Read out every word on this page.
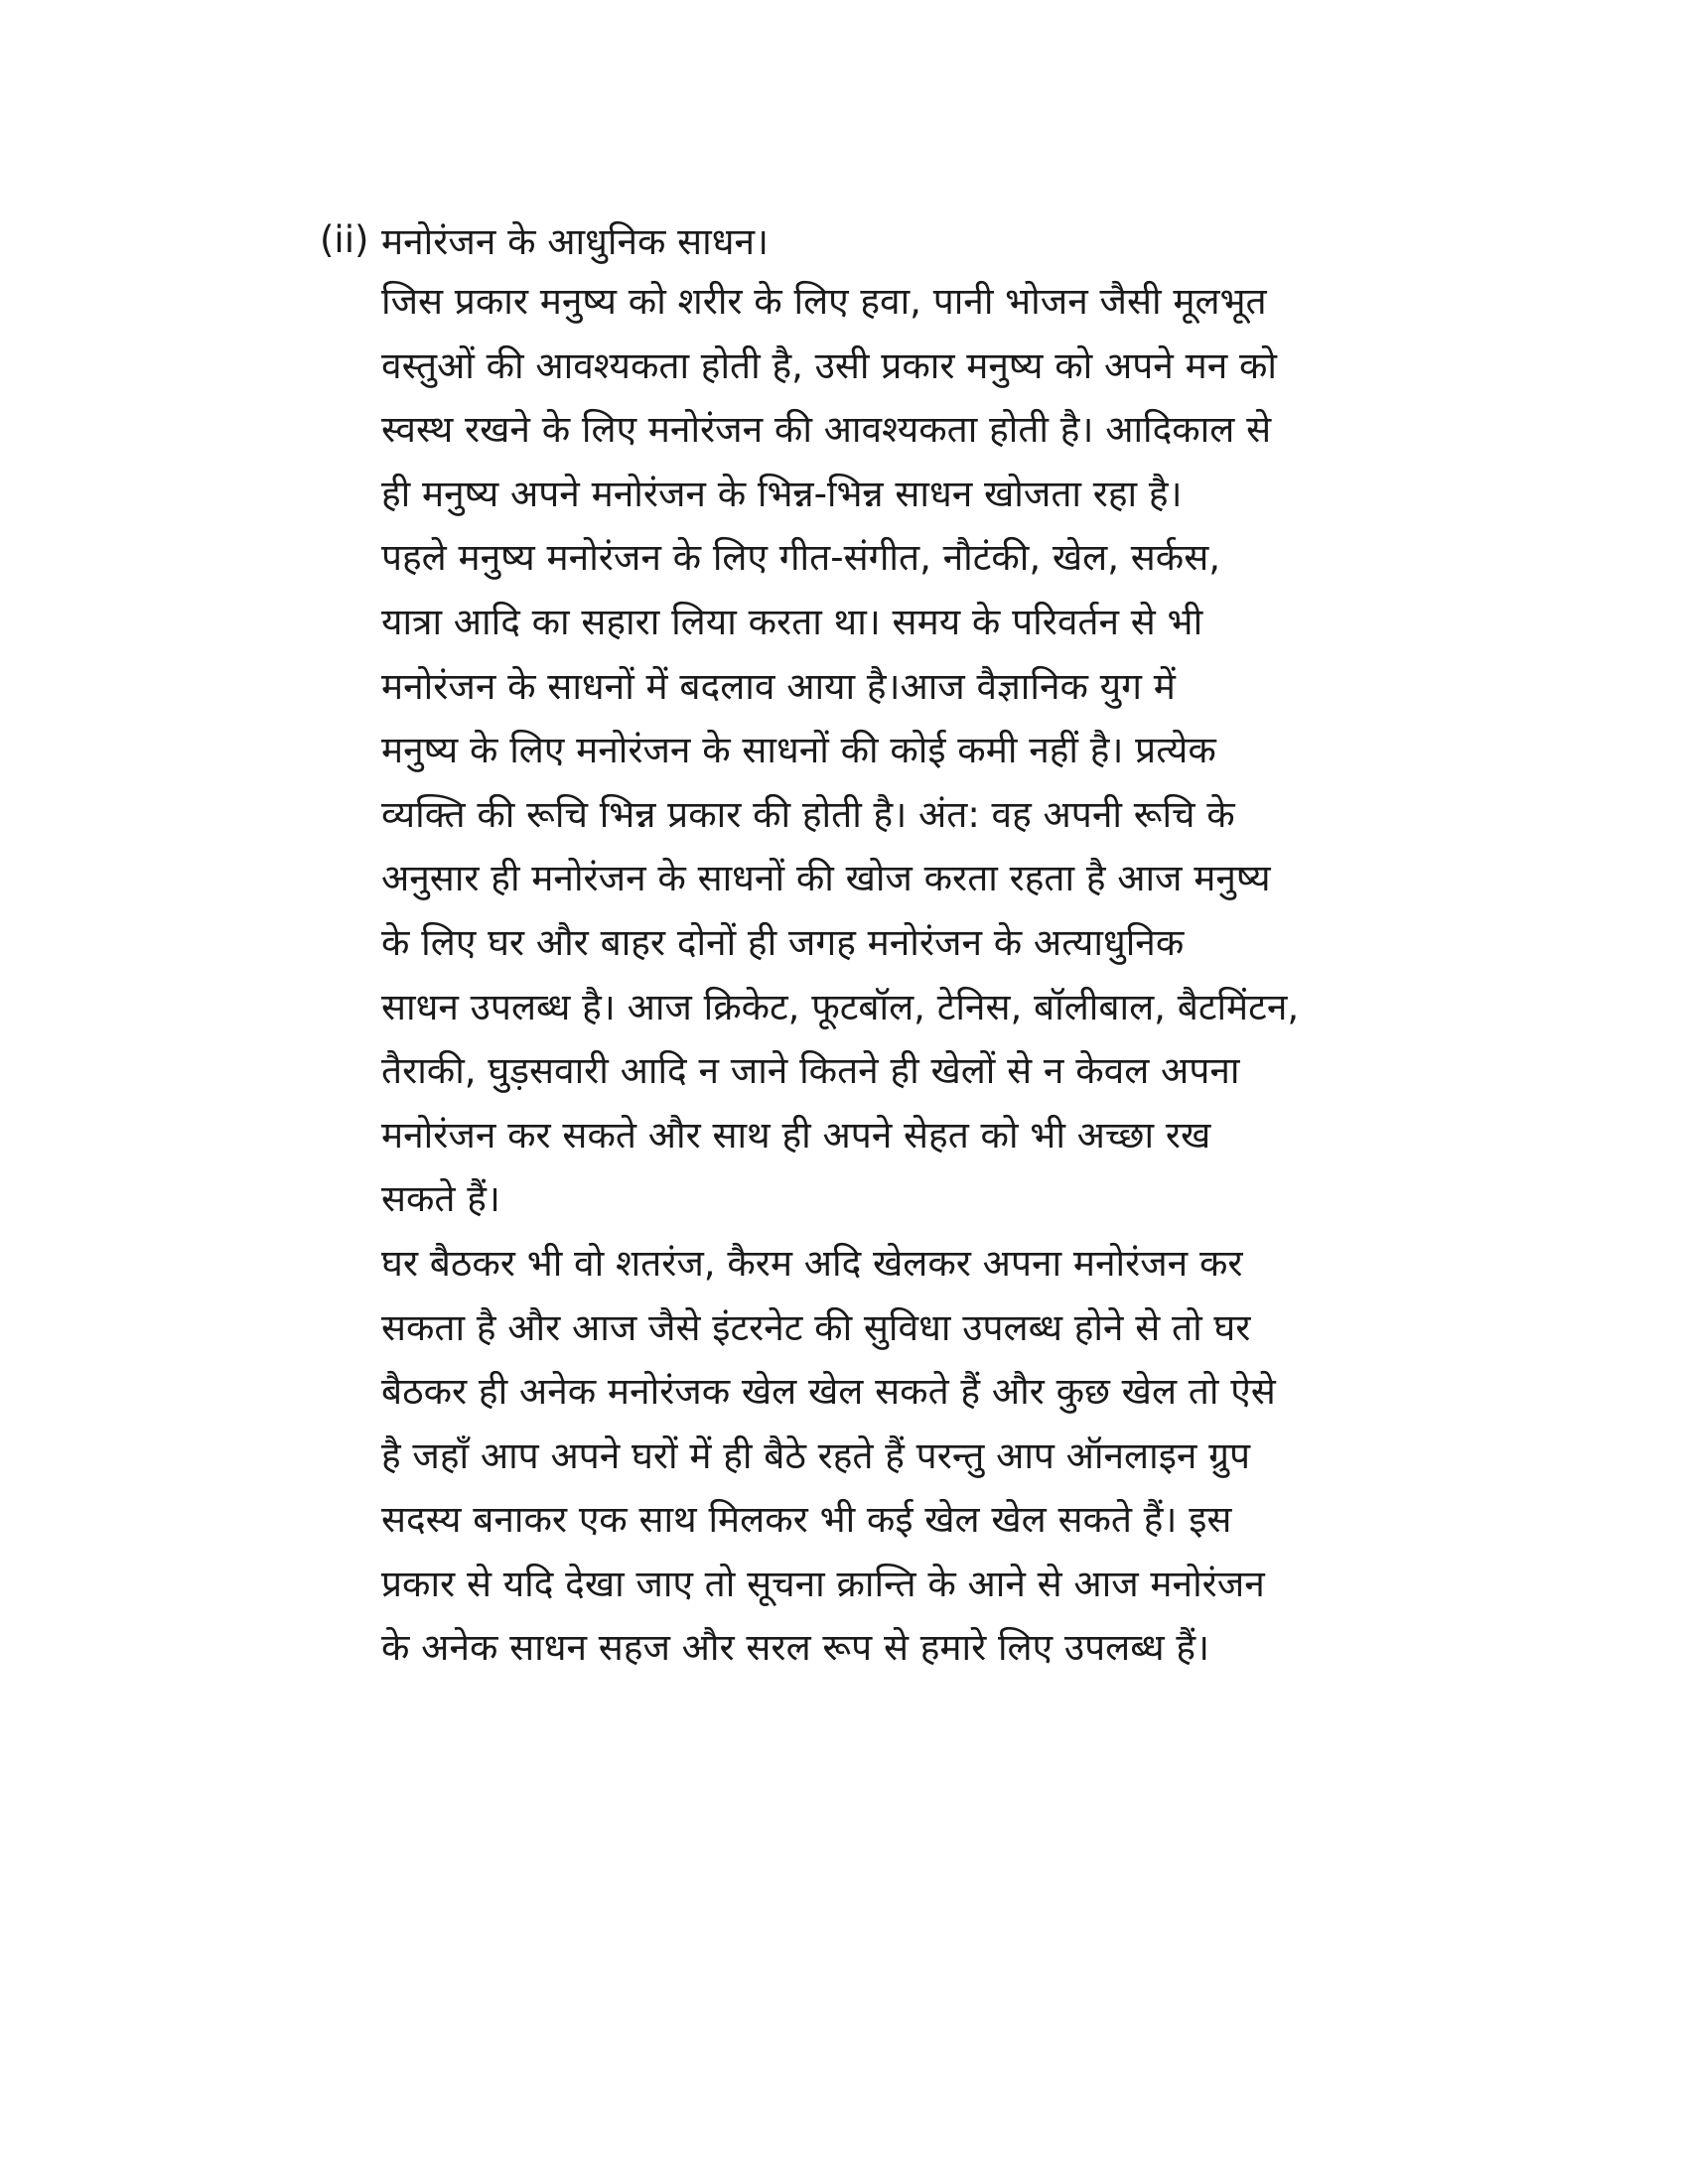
(ii) मनोरंजन के आधुनिक साधन।
जिस प्रकार मनुष्य को शरीर के लिए हवा, पानी भोजन जैसी मूलभूत
वस्तुओं की आवश्यकता होती है, उसी प्रकार मनुष्य को अपने मन को
स्वस्थ रखने के लिए मनोरंजन की आवश्यकता होती है। आदिकाल से
ही मनुष्य अपने मनोरंजन के भिन्न-भिन्न साधन खोजता रहा है।
पहले मनुष्य मनोरंजन के लिए गीत-संगीत, नौटंकी, खेल, सर्कस,
यात्रा आदि का सहारा लिया करता था। समय के परिवर्तन से भी
मनोरंजन के साधनों में बदलाव आया है।आज वैज्ञानिक युग में
मनुष्य के लिए मनोरंजन के साधनों की कोई कमी नहीं है। प्रत्येक
व्यक्ति की रूचि भिन्न प्रकार की होती है। अंत: वह अपनी रूचि के
अनुसार ही मनोरंजन के साधनों की खोज करता रहता है आज मनुष्य
के लिए घर और बाहर दोनों ही जगह मनोरंजन के अत्याधुनिक
साधन उपलब्ध है। आज क्रिकेट, फूटबॉल, टेनिस, बॉलीबाल, बैटमिंटन,
तैराकी, घुड़सवारी आदि न जाने कितने ही खेलों से न केवल अपना
मनोरंजन कर सकते और साथ ही अपने सेहत को भी अच्छा रख
सकते हैं।
घर बैठकर भी वो शतरंज, कैरम अदि खेलकर अपना मनोरंजन कर
सकता है और आज जैसे इंटरनेट की सुविधा उपलब्ध होने से तो घर
बैठकर ही अनेक मनोरंजक खेल खेल सकते हैं और कुछ खेल तो ऐसे
है जहाँ आप अपने घरों में ही बैठे रहते हैं परन्तु आप ऑनलाइन ग्रुप
सदस्य बनाकर एक साथ मिलकर भी कई खेल खेल सकते हैं। इस
प्रकार से यदि देखा जाए तो सूचना क्रान्ति के आने से आज मनोरंजन
के अनेक साधन सहज और सरल रूप से हमारे लिए उपलब्ध हैं।
